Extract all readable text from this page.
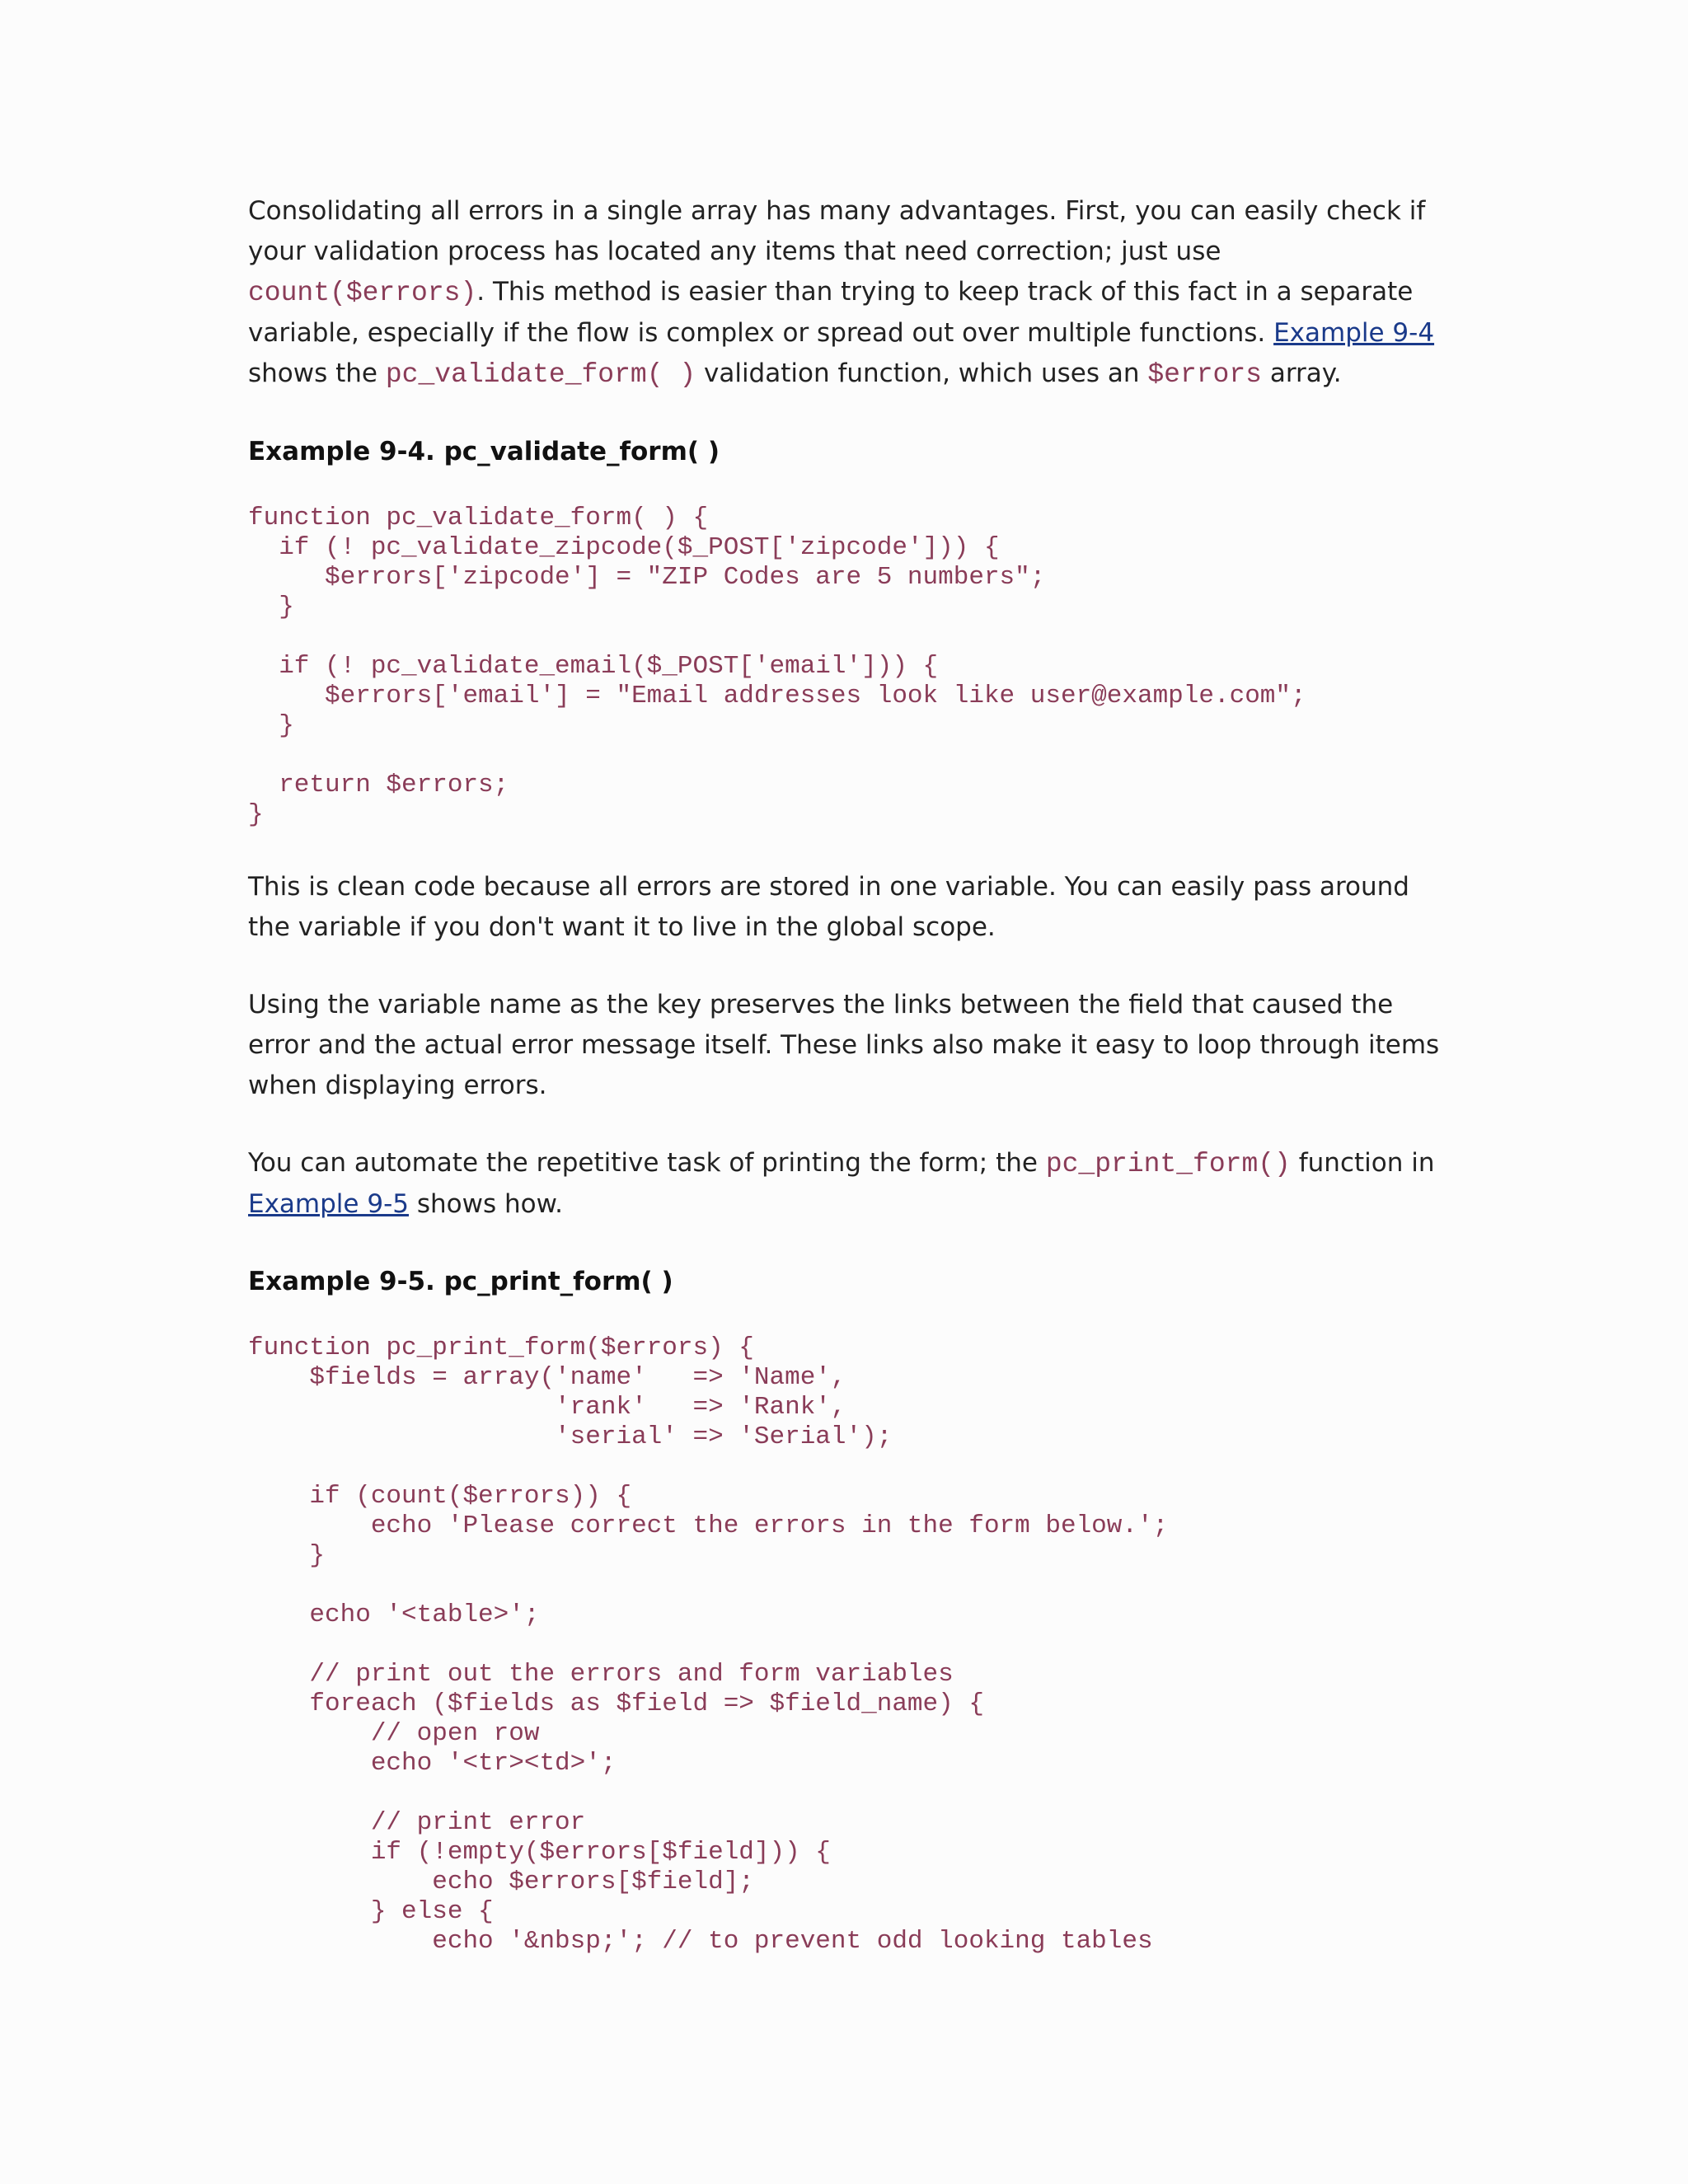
Consolidating all errors in a single array has many advantages. First, you can easily check if your validation process has located any items that need correction; just use
count($errors). This method is easier than trying to keep track of this fact in a separate variable, especially if the flow is complex or spread out over multiple functions. Example 9-4 shows the pc_validate_form( ) validation function, which uses an $errors array.

Example 9-4. pc_validate_form( )

function pc_validate_form( ) {
if (! pc_validate_zipcode($_POST['zipcode'])) {
$errors['zipcode'] = "ZIP Codes are 5 numbers";
}

if (! pc_validate_email($_POST['email'])) {
$errors['email'] = "Email addresses look like user@example.com";
}

return $errors;
}

This is clean code because all errors are stored in one variable. You can easily pass around the variable if you don't want it to live in the global scope.

Using the variable name as the key preserves the links between the field that caused the error and the actual error message itself. These links also make it easy to loop through items when displaying errors.

You can automate the repetitive task of printing the form; the pc_print_form() function in
Example 9-5 shows how.

Example 9-5. pc_print_form( )

function pc_print_form($errors) {
$fields = array('name'   => 'Name',
'rank'   => 'Rank',
'serial' => 'Serial');

if (count($errors)) {
echo 'Please correct the errors in the form below.';
}

echo '<table>';

// print out the errors and form variables
foreach ($fields as $field => $field_name) {
// open row
echo '<tr><td>';

// print error
if (!empty($errors[$field])) {
echo $errors[$field];
} else {
echo '&nbsp;'; // to prevent odd looking tables
